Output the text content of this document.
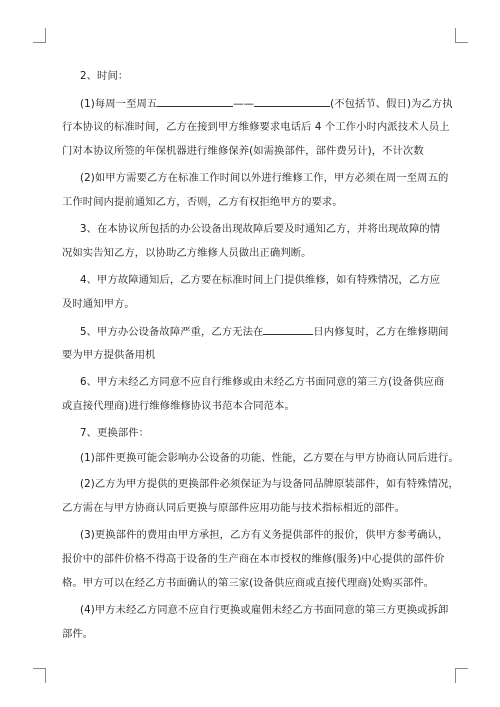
2、时间：
(1)每周一至周五	——	(不包括节、假日)为乙方执
行本协议的标准时间，乙方在接到甲方维修要求电话后 4 个工作小时内派技术人员上
门对本协议所签的年保机器进行维修保养(如需换部件，部件费另计)，不计次数
(2)如甲方需要乙方在标准工作时间以外进行维修工作，甲方必须在周一至周五的
工作时间内提前通知乙方，否则，乙方有权拒绝甲方的要求。
3、在本协议所包括的办公设备出现故障后要及时通知乙方，并将出现故障的情
况如实告知乙方，以协助乙方维修人员做出正确判断。
4、甲方故障通知后，乙方要在标准时间上门提供维修，如有特殊情况，乙方应
及时通知甲方。
5、甲方办公设备故障严重，乙方无法在	日内修复时，乙方在维修期间
要为甲方提供备用机
6、甲方未经乙方同意不应自行维修或由未经乙方书面同意的第三方(设备供应商
或直接代理商)进行维修维修协议书范本合同范本。
7、更换部件：
(1)部件更换可能会影响办公设备的功能、性能，乙方要在与甲方协商认同后进行。
(2)乙方为甲方提供的更换部件必须保证为与设备同品牌原装部件，如有特殊情况，
乙方需在与甲方协商认同后更换与原部件应用功能与技术指标相近的部件。
(3)更换部件的费用由甲方承担，乙方有义务提供部件的报价，供甲方参考确认，
报价中的部件价格不得高于设备的生产商在本市授权的维修(服务)中心提供的部件价
格。甲方可以在经乙方书面确认的第三家(设备供应商或直接代理商)处购买部件。
(4)甲方未经乙方同意不应自行更换或雇佣未经乙方书面同意的第三方更换或拆卸
部件。
